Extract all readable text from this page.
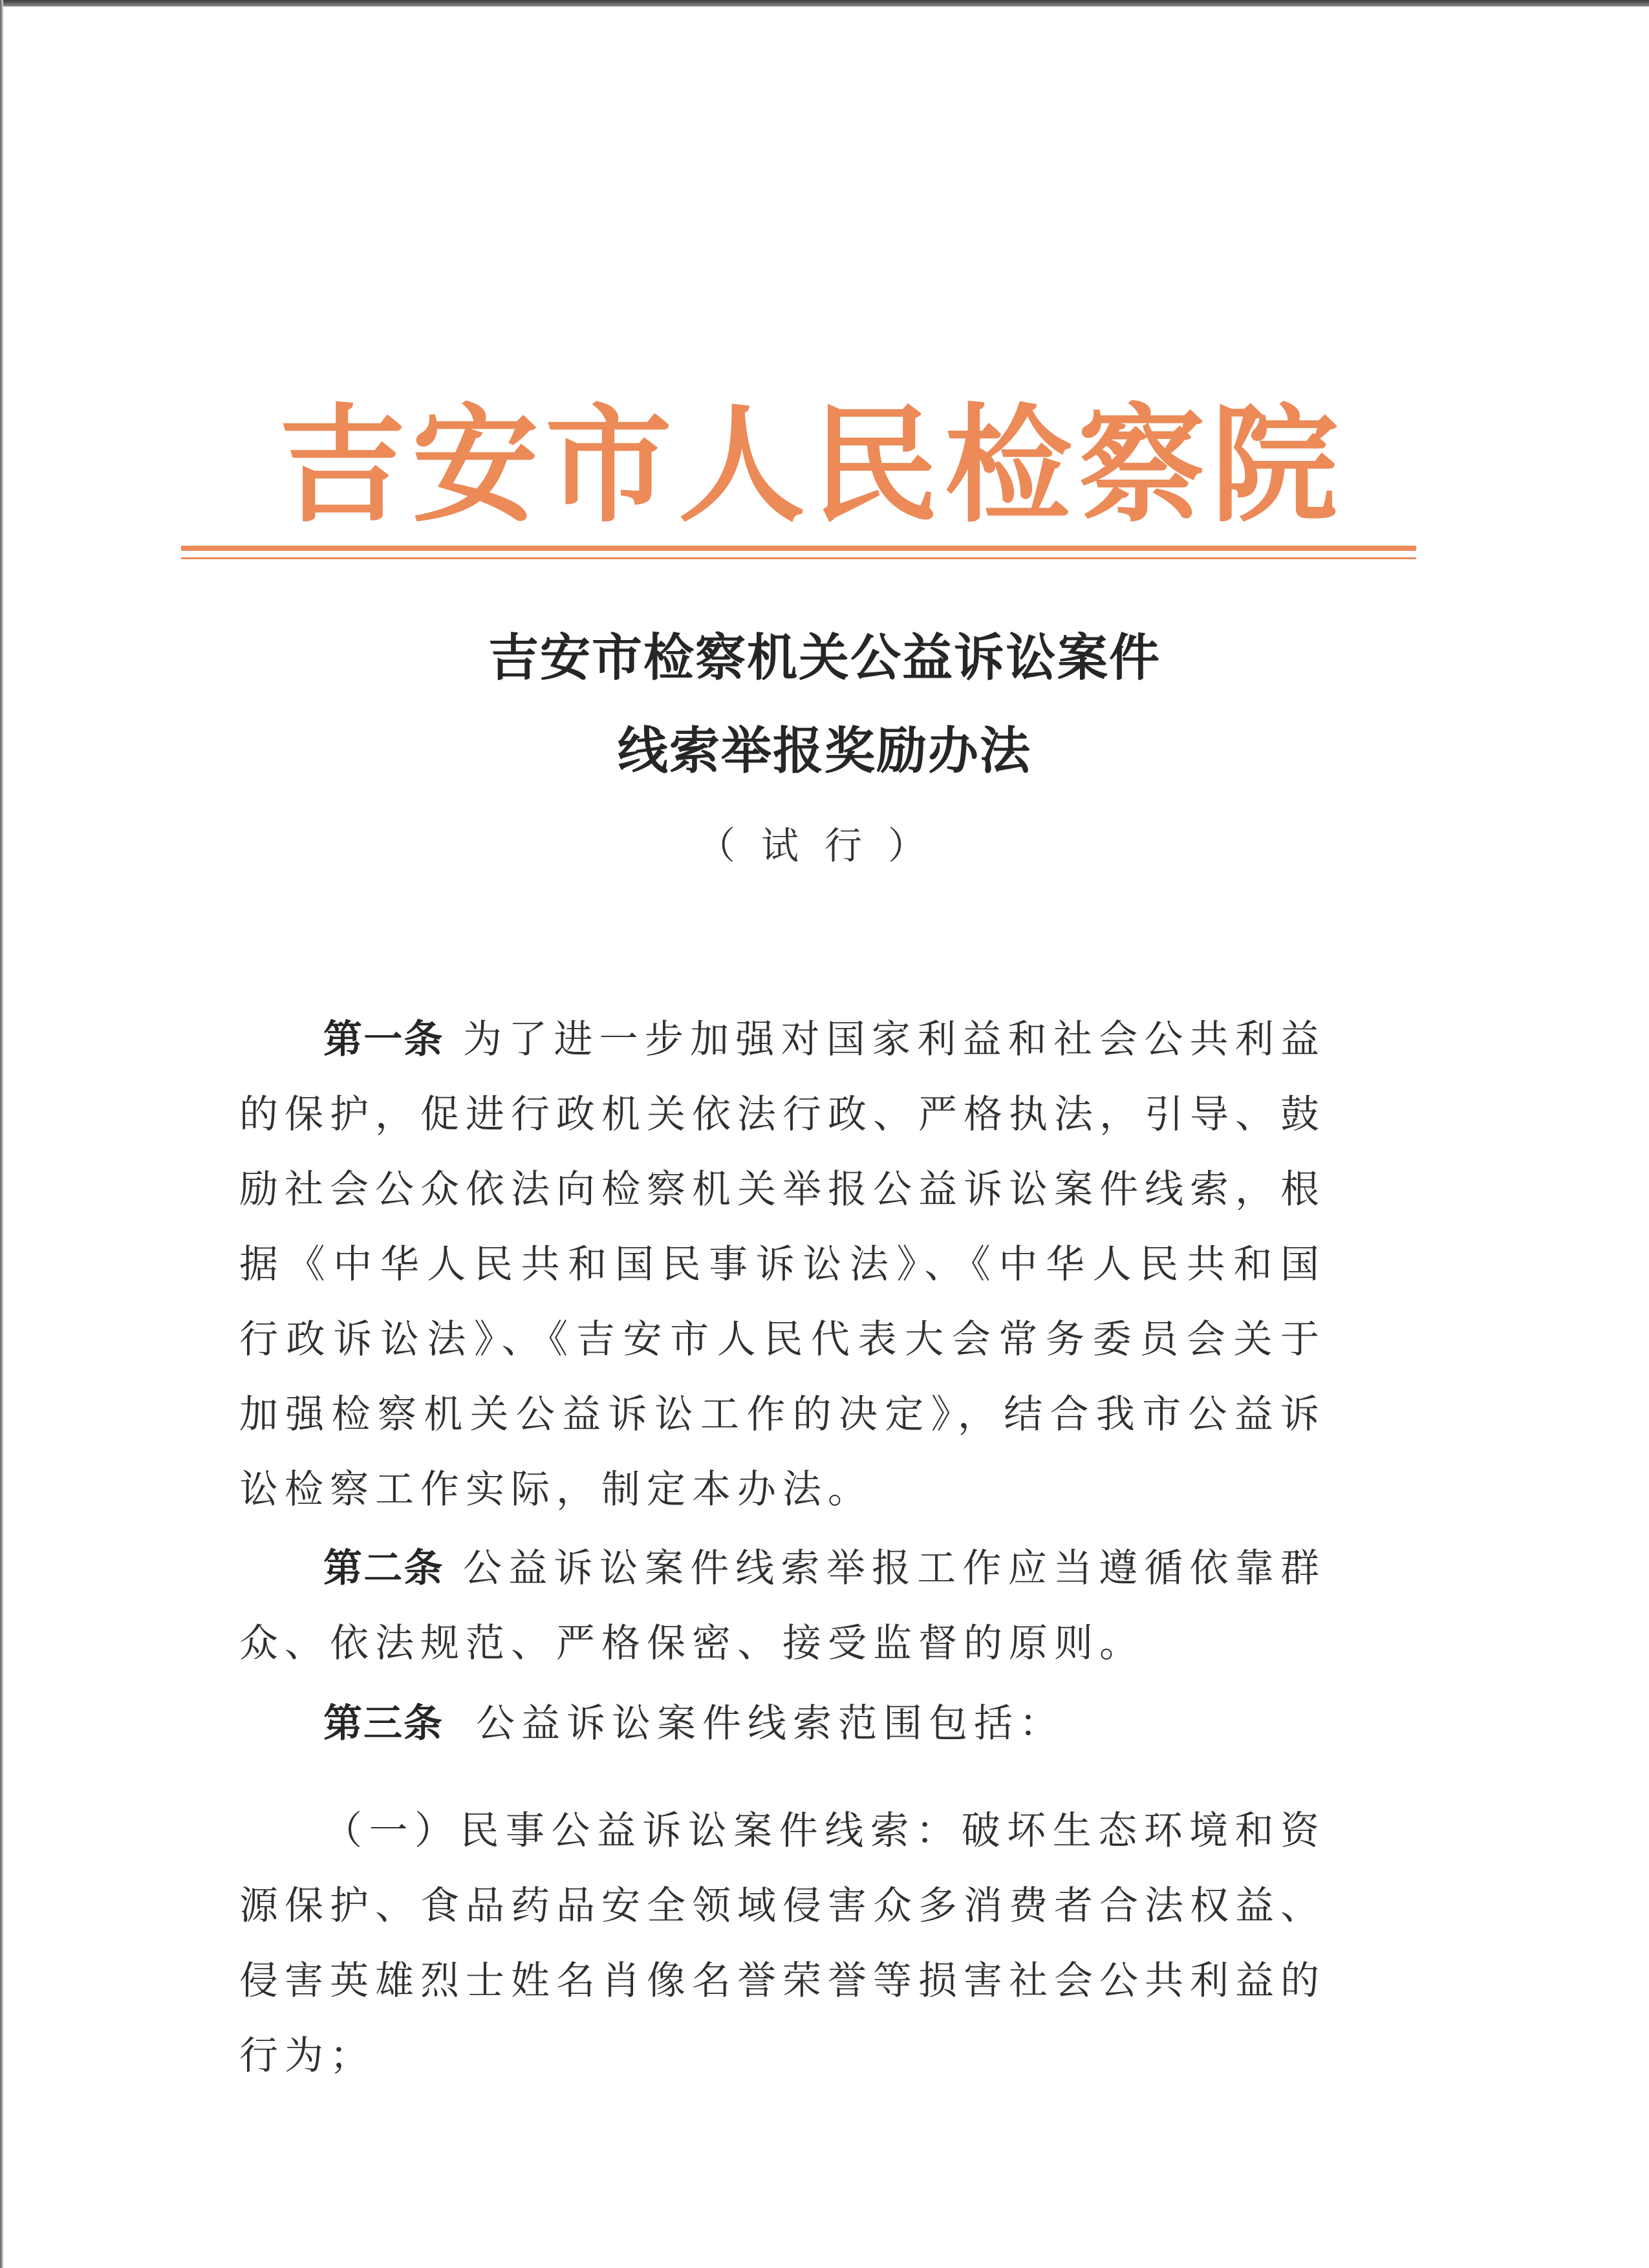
吉安市人民检察院
吉安市检察机关公益诉讼案件
线索举报奖励办法
（试行）

第一条 为了进一步加强对国家利益和社会公共利益的保护，促进行政机关依法行政、严格执法，引导、鼓励社会公众依法向检察机关举报公益诉讼案件线索，根据《中华人民共和国民事诉讼法》、《中华人民共和国行政诉讼法》、《吉安市人民代表大会常务委员会关于加强检察机关公益诉讼工作的决定》，结合我市公益诉讼检察工作实际，制定本办法。

第二条 公益诉讼案件线索举报工作应当遵循依靠群众、依法规范、严格保密、接受监督的原则。

第三条 公益诉讼案件线索范围包括：

（一）民事公益诉讼案件线索：破坏生态环境和资源保护、食品药品安全领域侵害众多消费者合法权益、侵害英雄烈士姓名肖像名誉荣誉等损害社会公共利益的行为；
